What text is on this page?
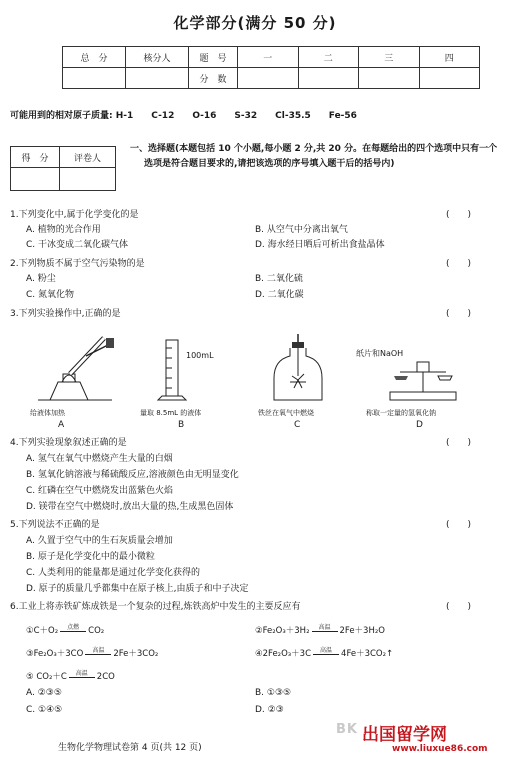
化学部分(满分 50 分)
总　分	核分人	题　号	一	二	三	四
		分　数				
可能用到的相对原子质量: H-1　　C-12　　O-16　　S-32　　Cl-35.5　　Fe-56
得　分	评卷人

一、选择题(本题包括 10 个小题,每小题 2 分,共 20 分。在每题给出的四个选项中只有一个选项是符合题目要求的,请把该选项的序号填入题干后的括号内)
1.下列变化中,属于化学变化的是	(　　)
A. 植物的光合作用	B. 从空气中分离出氧气
C. 干冰变成二氧化碳气体	D. 海水经日晒后可析出食盐晶体
2.下列物质不属于空气污染物的是	(　　)
A. 粉尘	B. 二氧化硫
C. 氮氧化物	D. 二氧化碳
3.下列实验操作中,正确的是	(　　)
100mL	纸片和NaOH
给液体加热	量取 8.5mL 的液体	铁丝在氧气中燃烧	称取一定量的氢氧化钠
A	B	C	D
4.下列实验现象叙述正确的是	(　　)
A. 氢气在氧气中燃烧产生大量的白烟
B. 氢氧化钠溶液与稀硫酸反应,溶液颜色由无明显变化
C. 红磷在空气中燃烧发出蓝紫色火焰
D. 镁带在空气中燃烧时,放出大量的热,生成黑色固体
5.下列说法不正确的是	(　　)
A. 久置于空气中的生石灰质量会增加
B. 原子是化学变化中的最小微粒
C. 人类利用的能量都是通过化学变化获得的
D. 原子的质量几乎都集中在原子核上,由质子和中子决定
6.工业上将赤铁矿炼成铁是一个复杂的过程,炼铁高炉中发生的主要反应有	(　　)
①C＋O₂	点燃	CO₂	②Fe₂O₃＋3H₂	高温	2Fe＋3H₂O
③Fe₂O₃＋3CO	高温	2Fe＋3CO₂	④2Fe₂O₃＋3C	高温	4Fe＋3CO₂↑
⑤ CO₂＋C	高温	2CO
A. ②③⑤	B. ①③⑤
C. ①④⑤	D. ②③
生物化学物理试卷第 4 页(共 12 页)
BK 出国留学网
www.liuxue86.com
